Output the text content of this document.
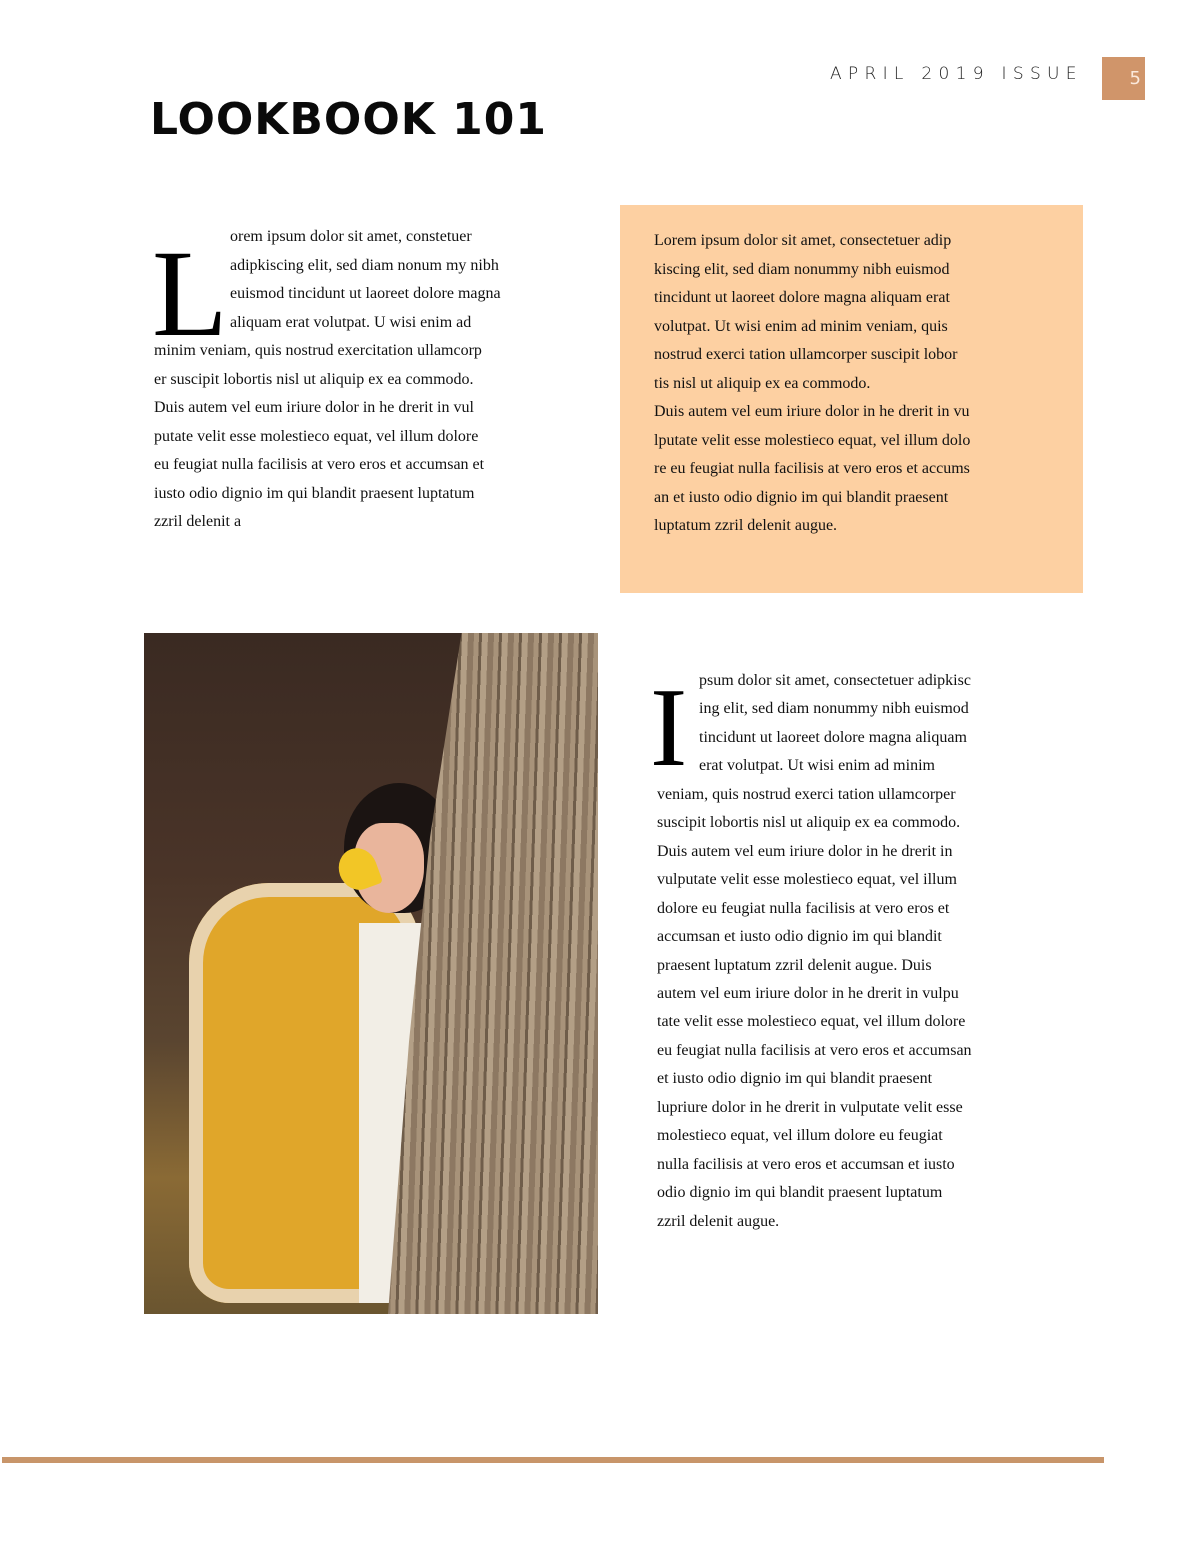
APRIL 2019 ISSUE	5
LOOKBOOK 101
L orem ipsum dolor sit amet, constetuer
adipkiscing elit, sed diam nonum my nibh
euismod tincidunt ut laoreet dolore magna
aliquam erat volutpat. U wisi enim ad
minim veniam, quis nostrud exercitation ullamcorp
er suscipit lobortis nisl ut aliquip ex ea commodo.
Duis autem vel eum iriure dolor in he drerit in vul
putate velit esse molestieco equat, vel illum dolore
eu feugiat nulla facilisis at vero eros et accumsan et
iusto odio dignio im qui blandit praesent luptatum
zzril delenit a
Lorem ipsum dolor sit amet, consectetuer adip
kiscing elit, sed diam nonummy nibh euismod
tincidunt ut laoreet dolore magna aliquam erat
volutpat. Ut wisi enim ad minim veniam, quis
nostrud exerci tation ullamcorper suscipit lobor
tis nisl ut aliquip ex ea commodo.
Duis autem vel eum iriure dolor in he drerit in vu
lputate velit esse molestieco equat, vel illum dolo
re eu feugiat nulla facilisis at vero eros et accums
an et iusto odio dignio im qui blandit praesent
luptatum zzril delenit augue.
I psum dolor sit amet, consectetuer adipkisc
ing elit, sed diam nonummy nibh euismod
tincidunt ut laoreet dolore magna aliquam
erat volutpat. Ut wisi enim ad minim
veniam, quis nostrud exerci tation ullamcorper
suscipit lobortis nisl ut aliquip ex ea commodo.
Duis autem vel eum iriure dolor in he drerit in
vulputate velit esse molestieco equat, vel illum
dolore eu feugiat nulla facilisis at vero eros et
accumsan et iusto odio dignio im qui blandit
praesent luptatum zzril delenit augue. Duis
autem vel eum iriure dolor in he drerit in vulpu
tate velit esse molestieco equat, vel illum dolore
eu feugiat nulla facilisis at vero eros et accumsan
et iusto odio dignio im qui blandit praesent
lupriure dolor in he drerit in vulputate velit esse
molestieco equat, vel illum dolore eu feugiat
nulla facilisis at vero eros et accumsan et iusto
odio dignio im qui blandit praesent luptatum
zzril delenit augue.
